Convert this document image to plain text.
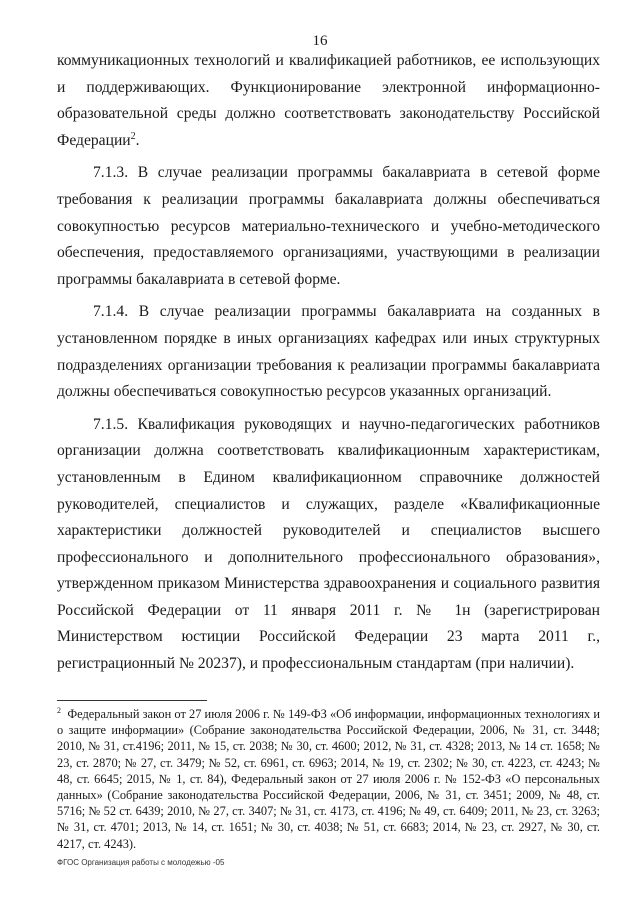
16

коммуникационных технологий и квалификацией работников, ее использующих и поддерживающих. Функционирование электронной информационно-образовательной среды должно соответствовать законодательству Российской Федерации$^2$.

7.1.3. В случае реализации программы бакалавриата в сетевой форме требования к реализации программы бакалавриата должны обеспечиваться совокупностью ресурсов материально-технического и учебно-методического обеспечения, предоставляемого организациями, участвующими в реализации программы бакалавриата в сетевой форме.

7.1.4. В случае реализации программы бакалавриата на созданных в установленном порядке в иных организациях кафедрах или иных структурных подразделениях организации требования к реализации программы бакалавриата должны обеспечиваться совокупностью ресурсов указанных организаций.

7.1.5. Квалификация руководящих и научно-педагогических работников организации должна соответствовать квалификационным характеристикам, установленным в Едином квалификационном справочнике должностей руководителей, специалистов и служащих, разделе «Квалификационные характеристики должностей руководителей и специалистов высшего профессионального и дополнительного профессионального образования», утвержденном приказом Министерства здравоохранения и социального развития Российской Федерации от 11 января 2011 г. № 1н (зарегистрирован Министерством юстиции Российской Федерации 23 марта 2011 г., регистрационный № 20237), и профессиональным стандартам (при наличии).

$^2$ Федеральный закон от 27 июля 2006 г. № 149-ФЗ «Об информации, информационных технологиях и о защите информации» (Собрание законодательства Российской Федерации, 2006, № 31, ст. 3448; 2010, № 31, ст.4196; 2011, № 15, ст. 2038; № 30, ст. 4600; 2012, № 31, ст. 4328; 2013, № 14 ст. 1658; № 23, ст. 2870; № 27, ст. 3479; № 52, ст. 6961, ст. 6963; 2014, № 19, ст. 2302; № 30, ст. 4223, ст. 4243; № 48, ст. 6645; 2015, № 1, ст. 84), Федеральный закон от 27 июля 2006 г. № 152-ФЗ «О персональных данных» (Собрание законодательства Российской Федерации, 2006, № 31, ст. 3451; 2009, № 48, ст. 5716; № 52 ст. 6439; 2010, № 27, ст. 3407; № 31, ст. 4173, ст. 4196; № 49, ст. 6409; 2011, № 23, ст. 3263; № 31, ст. 4701; 2013, № 14, ст. 1651; № 30, ст. 4038; № 51, ст. 6683; 2014, № 23, ст. 2927, № 30, ст. 4217, ст. 4243).

ФГОС Организация работы с молодежью -05
